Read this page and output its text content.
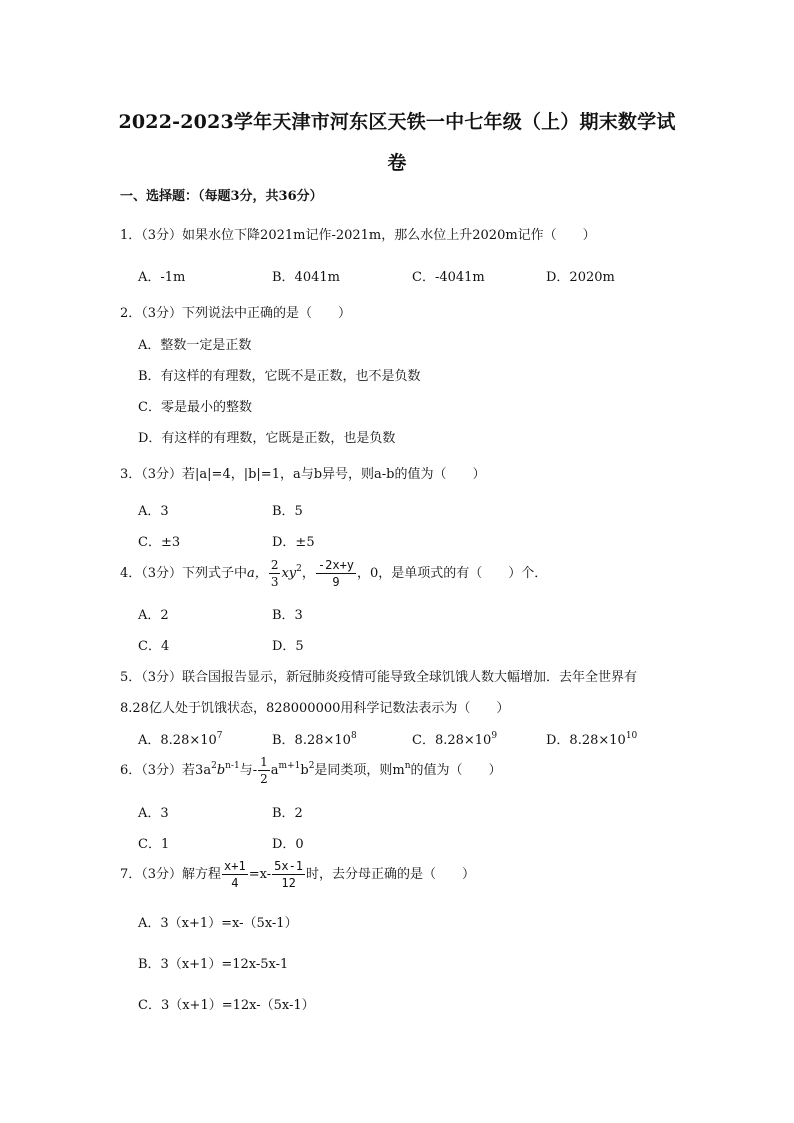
2022-2023学年天津市河东区天铁一中七年级（上）期末数学试
卷
一、选择题：（每题3分，共36分）
1．（3分）如果水位下降2021m记作-2021m，那么水位上升2020m记作（　　）
A．-1m	B．4041m	C．-4041m	D．2020m
2．（3分）下列说法中正确的是（　　）
A．整数一定是正数
B．有这样的有理数，它既不是正数，也不是负数
C．零是最小的整数
D．有这样的有理数，它既是正数，也是负数
3．（3分）若|a|=4，|b|=1，a与b异号，则a-b的值为（　　）
A．3	B．5
C．±3	D．±5
4．（3分）下列式子中a， $\frac{2}{3} xy^2$， $\frac{-2x+y}{9}$ ，0，是单项式的有（　　）个．
A．2	B．3
C．4	D．5
5．（3分）联合国报告显示，新冠肺炎疫情可能导致全球饥饿人数大幅增加．去年全世界有
8.28亿人处于饥饿状态，828000000用科学记数法表示为（　　）
A．$8.28\times 10^7$	B．$8.28\times 10^8$	C．$8.28\times 10^9$	D．$8.28\times 10^{10}$
6．（3分）若$3a^2b^{n-1}$与- $\frac{1}{2} a^{m+1}b^2$是同类项，则$m^n$的值为（　　）
A．3	B．2
C．1	D．0
7．（3分）解方程 $\frac{x+1}{4} =x- \frac{5x-1}{12}$ 时，去分母正确的是（　　）
A．3（x+1）=x-（5x-1）
B．3（x+1）=12x-5x-1
C．3（x+1）=12x-（5x-1）
